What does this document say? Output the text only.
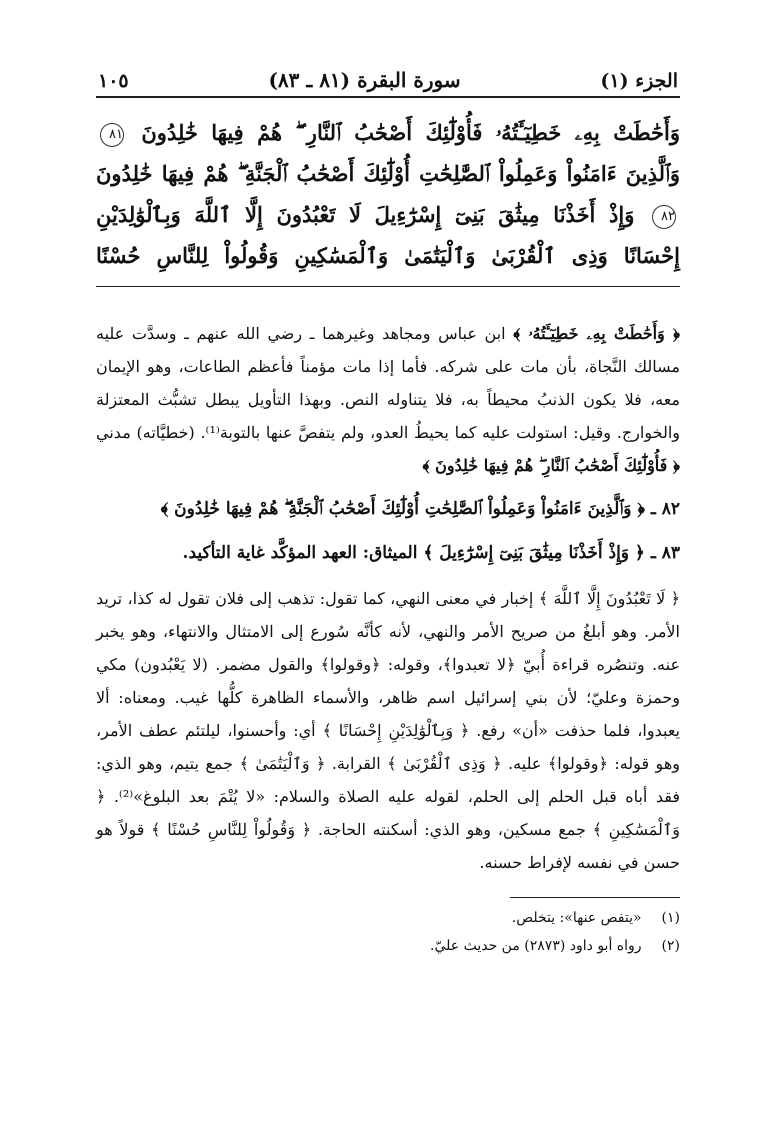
الجزء (١)
سورة البقرة (٨١ ـ ٨٣)
١٠٥
وَأَحَٰطَتْ بِهِۦ خَطِيٓـَٔتُهُۥ فَأُوْلَٰٓئِكَ أَصْحَٰبُ ٱلنَّارِ ۖ هُمْ فِيهَا خَٰلِدُونَ ٨١ وَٱلَّذِينَ ءَامَنُواْ وَعَمِلُواْ ٱلصَّٰلِحَٰتِ أُوْلَٰٓئِكَ أَصْحَٰبُ ٱلْجَنَّةِ ۖ هُمْ فِيهَا خَٰلِدُونَ ٨٢ وَإِذْ أَخَذْنَا مِيثَٰقَ بَنِىٓ إِسْرَٰٓءِيلَ لَا تَعْبُدُونَ إِلَّا ٱللَّهَ وَبِٱلْوَٰلِدَيْنِ إِحْسَانًا وَذِى ٱلْقُرْبَىٰ وَٱلْيَتَٰمَىٰ وَٱلْمَسَٰكِينِ وَقُولُواْ لِلنَّاسِ حُسْنًا

﴿ وَأَحَٰطَتْ بِهِۦ خَطِيٓـَٔتُهُۥ ﴾ ابن عباس ومجاهد وغيرهما ـ رضي الله عنهم ـ وسدَّت عليه مسالك النَّجاة، بأن مات على شركه. فأما إذا مات مؤمناً فأعظم الطاعات، وهو الإيمان معه، فلا يكون الذنبُ محيطاً به، فلا يتناوله النص. وبهذا التأويل يبطل تشبُّث المعتزلة والخوارج. وقيل: استولت عليه كما يحيطُ العدو، ولم يتفصَّ عنها بالتوبة⁽¹⁾. (خطيَّاته) مدني ﴿ فَأُوْلَٰٓئِكَ أَصْحَٰبُ ٱلنَّارِ ۖ هُمْ فِيهَا خَٰلِدُونَ ﴾

٨٢ ـ ﴿ وَٱلَّذِينَ ءَامَنُواْ وَعَمِلُواْ ٱلصَّٰلِحَٰتِ أُوْلَٰٓئِكَ أَصْحَٰبُ ٱلْجَنَّةِ ۖ هُمْ فِيهَا خَٰلِدُونَ ﴾
٨٣ ـ ﴿ وَإِذْ أَخَذْنَا مِيثَٰقَ بَنِىٓ إِسْرَٰٓءِيلَ ﴾ الميثاق: العهد المؤكَّد غاية التأكيد.

﴿ لَا تَعْبُدُونَ إِلَّا ٱللَّهَ ﴾ إخبار في معنى النهي، كما تقول: تذهب إلى فلان تقول له كذا، تريد الأمر. وهو أبلغُ من صريح الأمر والنهي، لأنه كأنَّه سُورع إلى الامتثال والانتهاء، وهو يخبر عنه. وتنصُره قراءة أُبيّ ﴿لا تعبدوا﴾، وقوله: ﴿وقولوا﴾ والقول مضمر. (لا يَعْبُدون) مكي وحمزة وعليّ؛ لأن بني إسرائيل اسم ظاهر، والأسماء الظاهرة كلُّها غيب. ومعناه: ألا يعبدوا، فلما حذفت «أن» رفع. ﴿ وَبِٱلْوَٰلِدَيْنِ إِحْسَانًا ﴾ أي: وأحسنوا، ليلتئم عطف الأمر، وهو قوله: ﴿وقولوا﴾ عليه. ﴿ وَذِى ٱلْقُرْبَىٰ ﴾ القرابة. ﴿ وَٱلْيَتَٰمَىٰ ﴾ جمع يتيم، وهو الذي: فقد أباه قبل الحلم إلى الحلم، لقوله عليه الصلاة والسلام: «لا يُتْمَ بعد البلوغ»⁽²⁾. ﴿ وَٱلْمَسَٰكِينِ ﴾ جمع مسكين، وهو الذي: أسكنته الحاجة. ﴿ وَقُولُواْ لِلنَّاسِ حُسْنًا ﴾ قولاً هو حسن في نفسه لإفراط حسنه.

(١) «يتفص عنها»: يتخلص.
(٢) رواه أبو داود (٢٨٧٣) من حديث عليّ.
